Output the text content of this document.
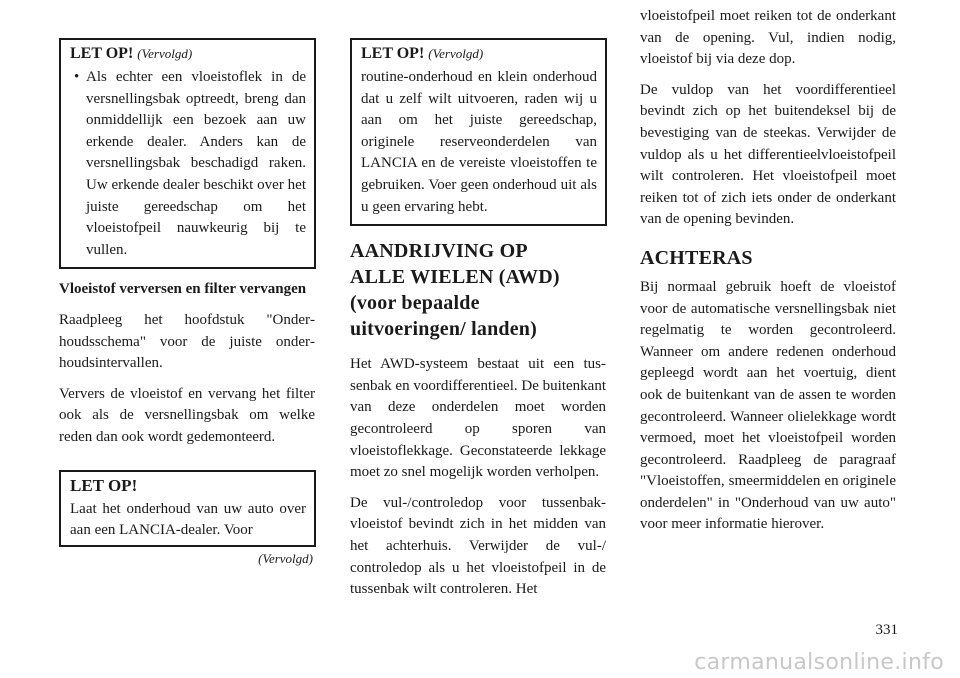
LET OP! (Vervolgd)

• Als echter een vloeistoflek in de versnellingsbak optreedt, breng dan onmiddellijk een bezoek aan uw erkende dealer. Anders kan de versnellingsbak beschadigd raken. Uw erkende dealer beschikt over het juiste gereedschap om het vloeistofpeil nauwkeurig bij te vullen.

Vloeistof verversen en filter vervangen

Raadpleeg het hoofdstuk "Onderhoudsschema" voor de juiste onderhoudsintervallen.

Ververs de vloeistof en vervang het filter ook als de versnellingsbak om welke reden dan ook wordt gedemonteerd.

LET OP!

Laat het onderhoud van uw auto over aan een LANCIA-dealer. Voor

(Vervolgd)
LET OP! (Vervolgd)

routine-onderhoud en klein onderhoud dat u zelf wilt uitvoeren, raden wij u aan om het juiste gereedschap, originele reserveonderdelen van LANCIA en de vereiste vloeistoffen te gebruiken. Voer geen onderhoud uit als u geen ervaring hebt.

AANDRIJVING OP ALLE WIELEN (AWD) (voor bepaalde uitvoeringen/ landen)

Het AWD-systeem bestaat uit een tussenbak en voordifferentieel. De buitenkant van deze onderdelen moet worden gecontroleerd op sporen van vloeistoflekkage. Geconstateerde lekkage moet zo snel mogelijk worden verholpen.

De vul-/controledop voor tussenbakvloeistof bevindt zich in het midden van het achterhuis. Verwijder de vul-/ controledop als u het vloeistofpeil in de tussenbak wilt controleren. Het

vloeistofpeil moet reiken tot de onderkant van de opening. Vul, indien nodig, vloeistof bij via deze dop.

De vuldop van het voordifferentieel bevindt zich op het buitendeksel bij de bevestiging van de steekas. Verwijder de vuldop als u het differentieelvloeistofpeil wilt controleren. Het vloeistofpeil moet reiken tot of zich iets onder de onderkant van de opening bevinden.

ACHTERAS

Bij normaal gebruik hoeft de vloeistof voor de automatische versnellingsbak niet regelmatig te worden gecontroleerd. Wanneer om andere redenen onderhoud gepleegd wordt aan het voertuig, dient ook de buitenkant van de assen te worden gecontroleerd. Wanneer olielekkage wordt vermoed, moet het vloeistofpeil worden gecontroleerd. Raadpleeg de paragraaf "Vloeistoffen, smeermiddelen en originele onderdelen" in "Onderhoud van uw auto" voor meer informatie hierover.

331
carmanualsonline.info
